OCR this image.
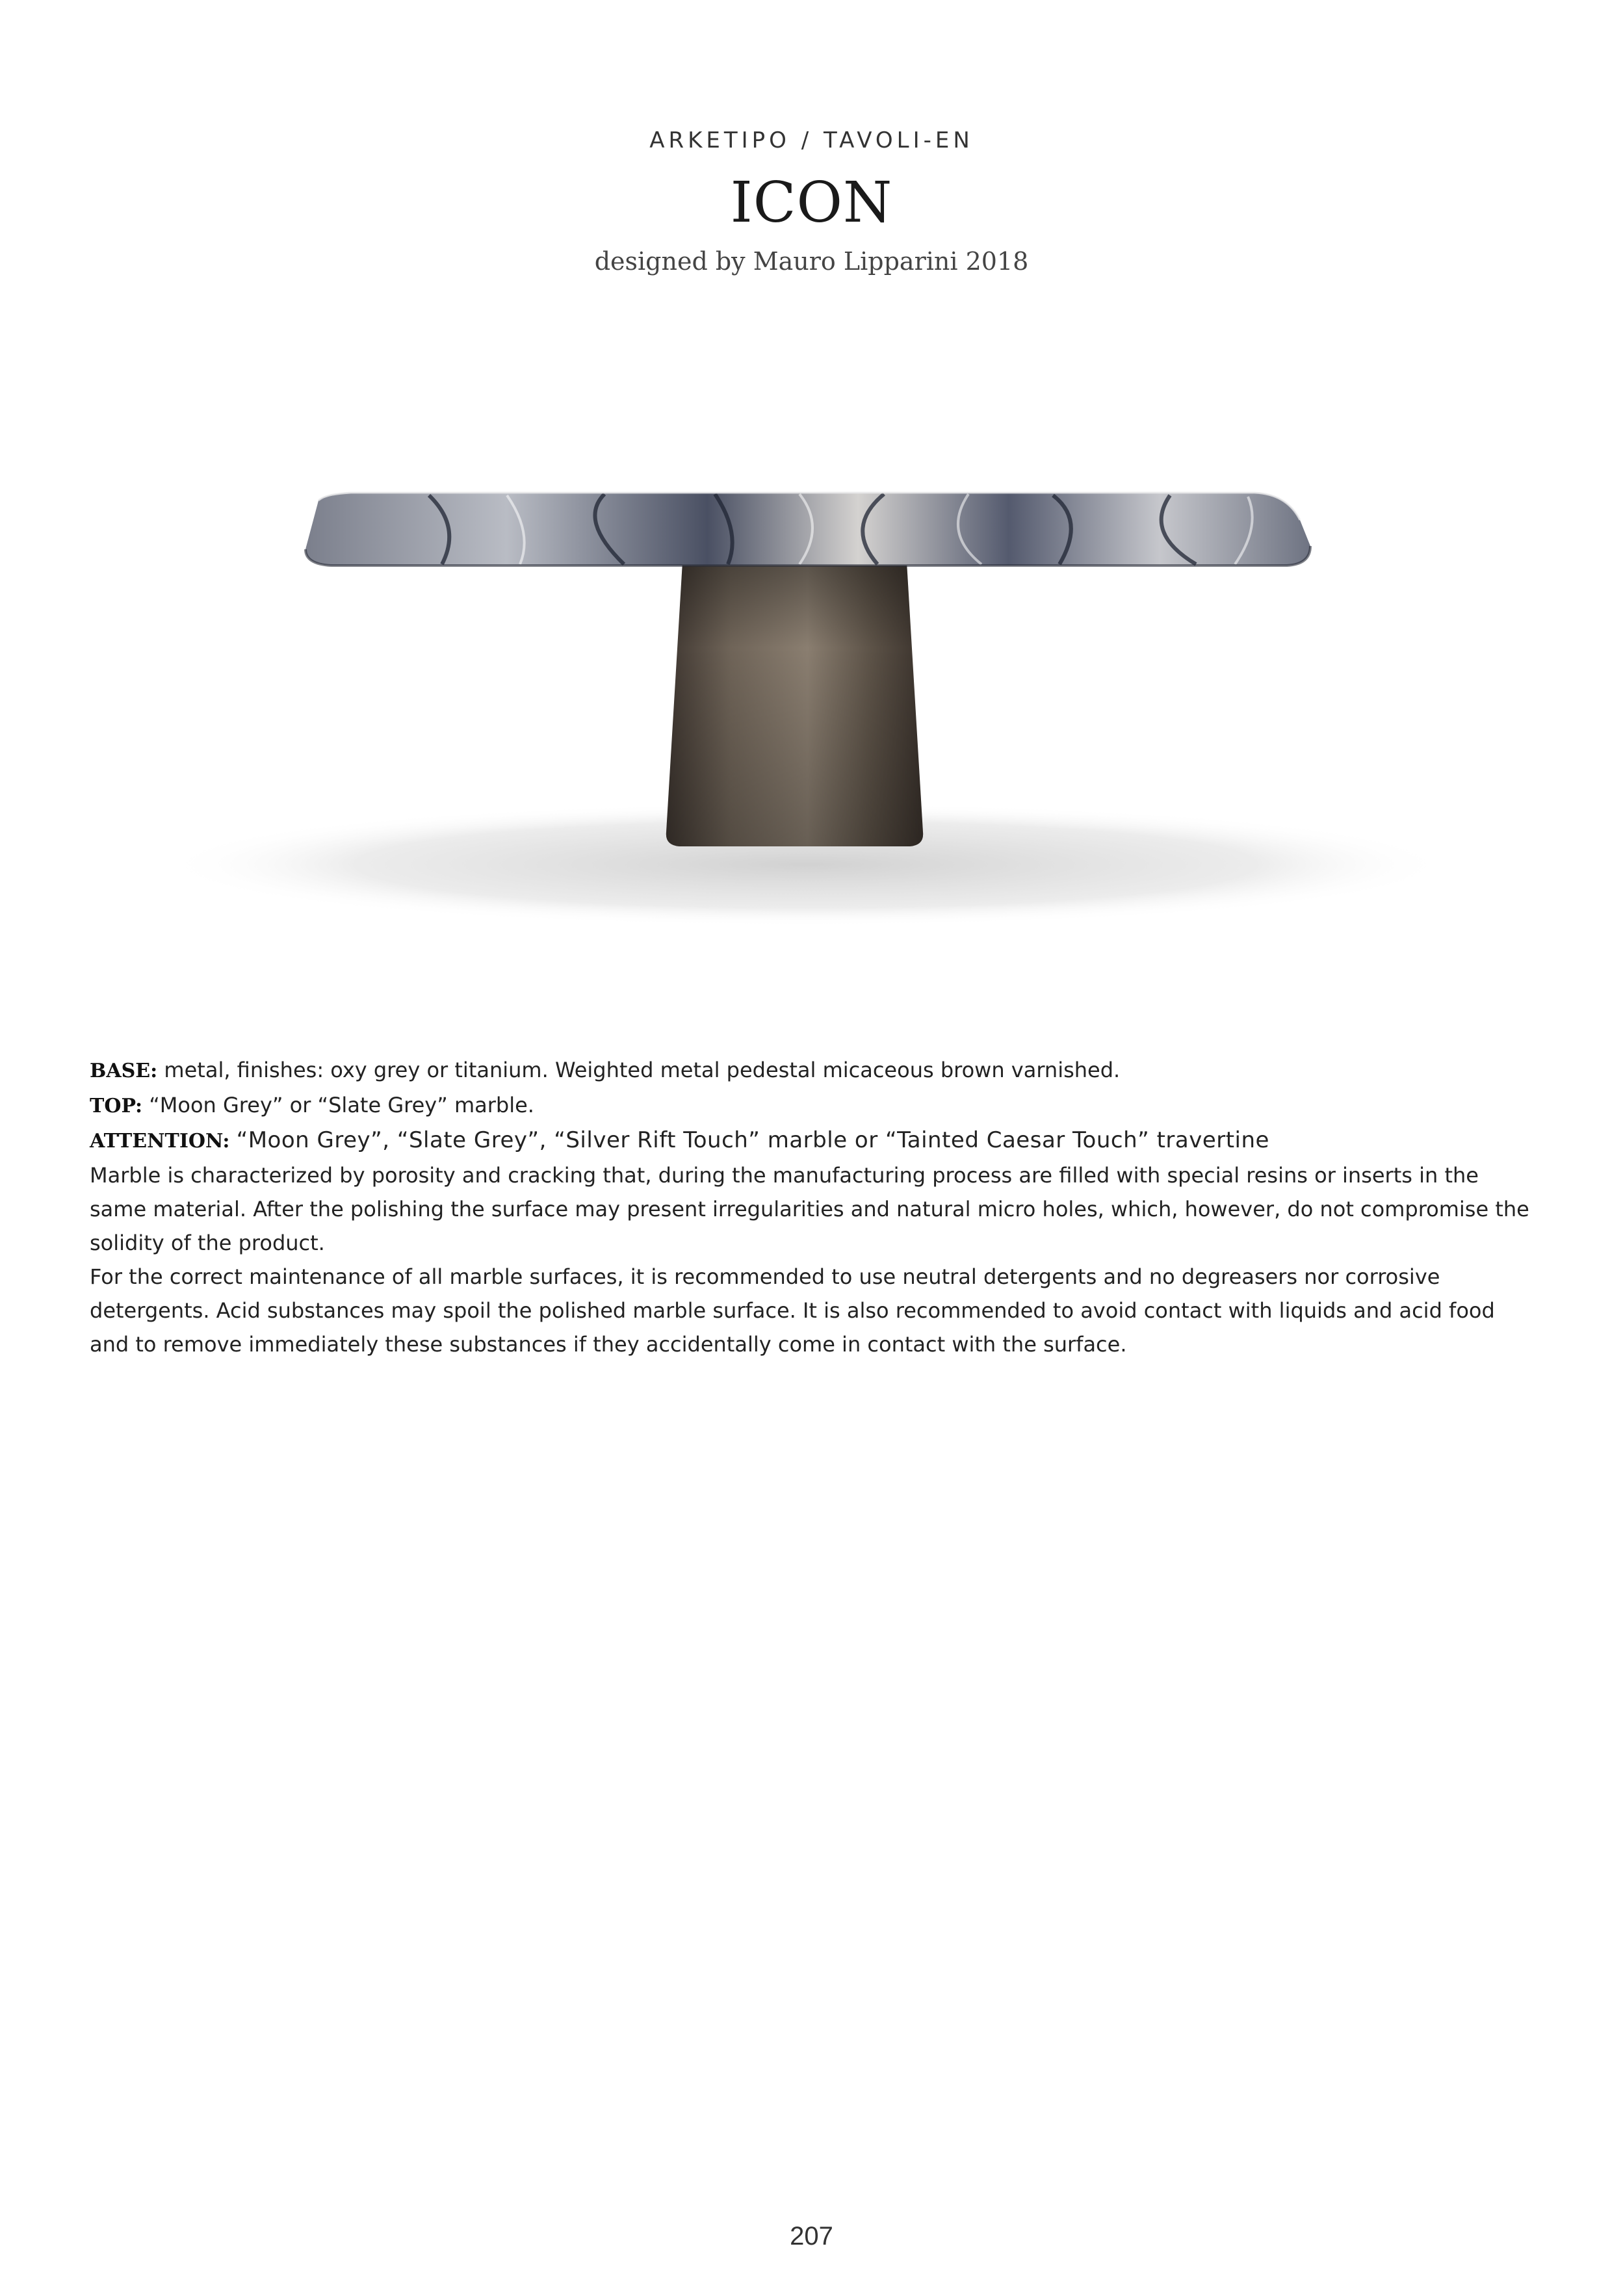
ARKETIPO / TAVOLI-EN
ICON
designed by Mauro Lipparini 2018

BASE: metal, finishes: oxy grey or titanium. Weighted metal pedestal micaceous brown varnished.

TOP: “Moon Grey” or “Slate Grey” marble.

ATTENTION: “Moon Grey”, “Slate Grey”, “Silver Rift Touch” marble or “Tainted Caesar Touch” travertine

Marble is characterized by porosity and cracking that, during the manufacturing process are filled with special resins or inserts in the same material. After the polishing the surface may present irregularities and natural micro holes, which, however, do not compromise the solidity of the product.

For the correct maintenance of all marble surfaces, it is recommended to use neutral detergents and no degreasers nor corrosive detergents. Acid substances may spoil the polished marble surface. It is also recommended to avoid contact with liquids and acid food and to remove immediately these substances if they accidentally come in contact with the surface.

207
